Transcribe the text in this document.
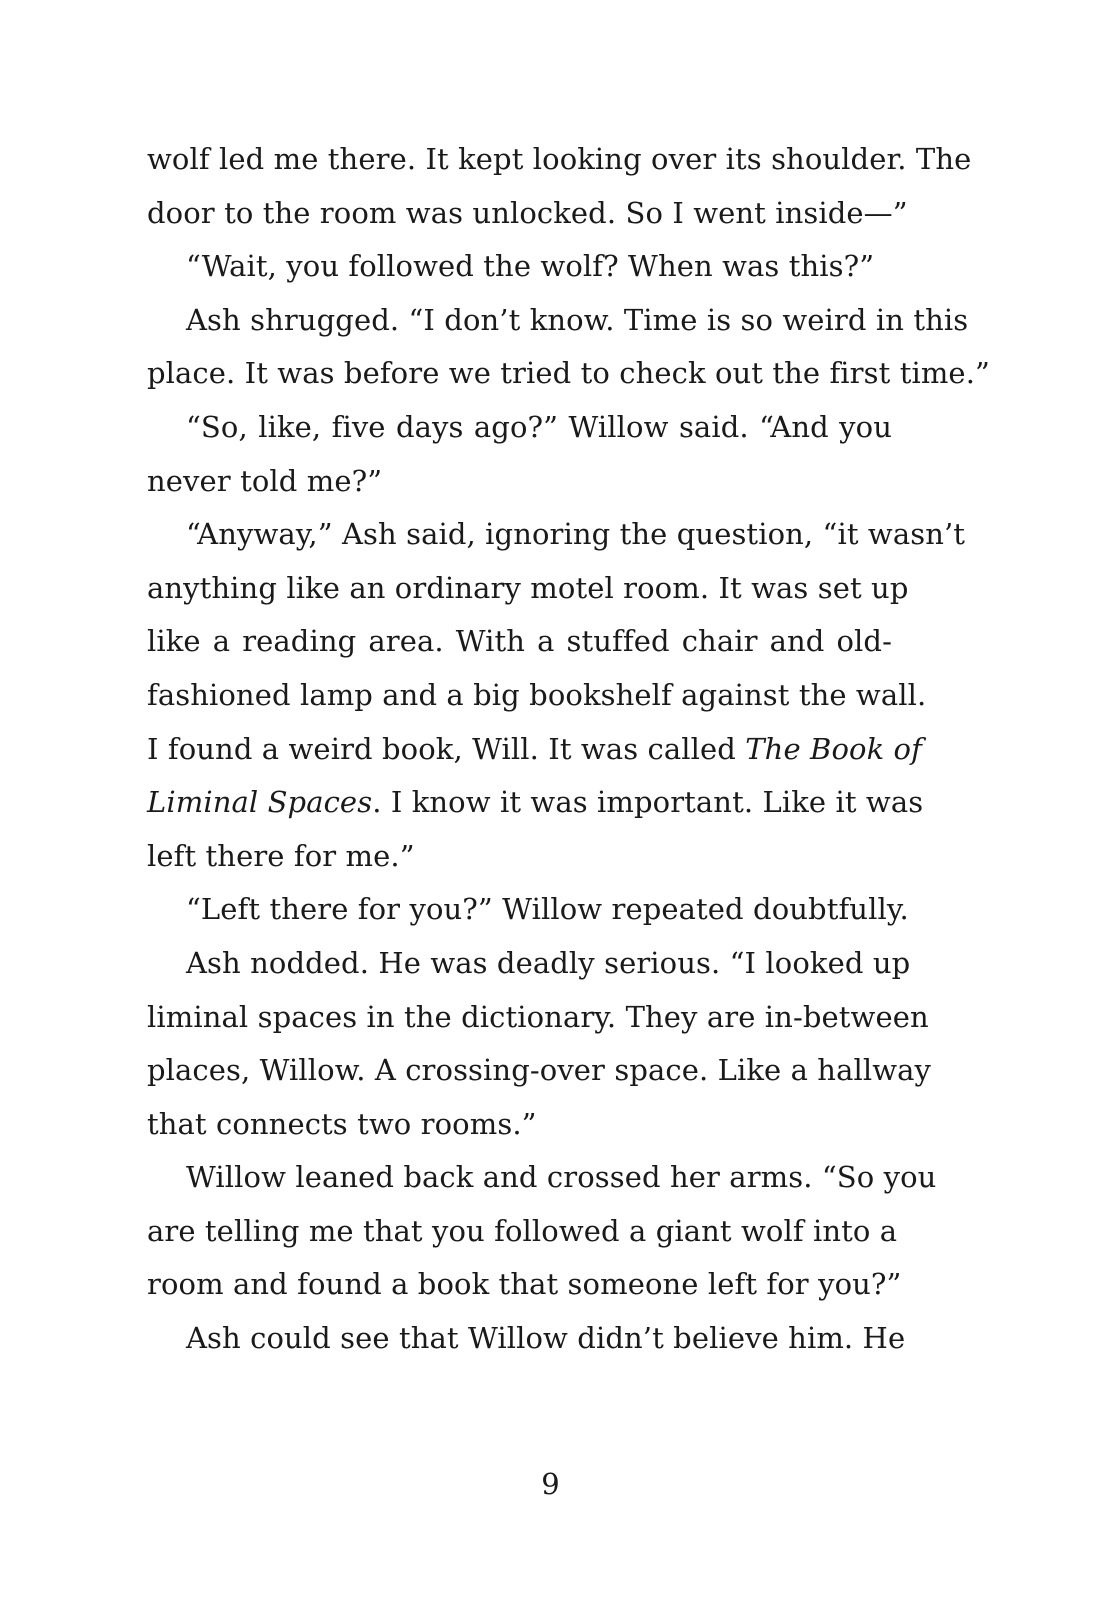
wolf led me there. It kept looking over its shoulder. The
door to the room was unlocked. So I went inside—”
“Wait, you followed the wolf? When was this?”
Ash shrugged. “I don’t know. Time is so weird in this
place. It was before we tried to check out the first time.”
“So, like, five days ago?” Willow said. “And you
never told me?”
“Anyway,” Ash said, ignoring the question, “it wasn’t
anything like an ordinary motel room. It was set up
like a reading area. With a stuffed chair and old-
fashioned lamp and a big bookshelf against the wall.
I found a weird book, Will. It was called The Book of
Liminal Spaces. I know it was important. Like it was
left there for me.”
“Left there for you?” Willow repeated doubtfully.
Ash nodded. He was deadly serious. “I looked up
liminal spaces in the dictionary. They are in-between
places, Willow. A crossing-over space. Like a hallway
that connects two rooms.”
Willow leaned back and crossed her arms. “So you
are telling me that you followed a giant wolf into a
room and found a book that someone left for you?”
Ash could see that Willow didn’t believe him. He
9
